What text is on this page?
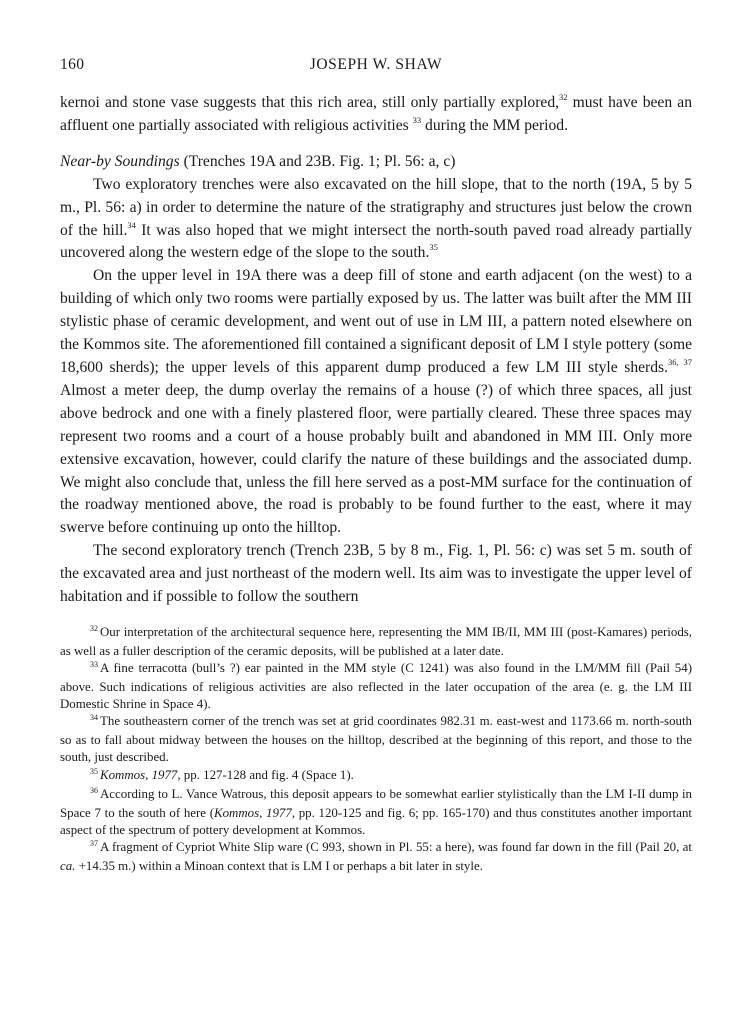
160	JOSEPH W. SHAW

kernoi and stone vase suggests that this rich area, still only partially explored,$^{32}$ must have been an affluent one partially associated with religious activities $^{33}$ during the MM period.

Near-by Soundings (Trenches 19A and 23B. Fig. 1; Pl. 56: a, c)

Two exploratory trenches were also excavated on the hill slope, that to the north (19A, 5 by 5 m., Pl. 56: a) in order to determine the nature of the stratigraphy and structures just below the crown of the hill.$^{34}$ It was also hoped that we might intersect the north-south paved road already partially uncovered along the western edge of the slope to the south.$^{35}$

On the upper level in 19A there was a deep fill of stone and earth adjacent (on the west) to a building of which only two rooms were partially exposed by us. The latter was built after the MM III stylistic phase of ceramic development, and went out of use in LM III, a pattern noted elsewhere on the Kommos site. The aforementioned fill contained a significant deposit of LM I style pottery (some 18,600 sherds); the upper levels of this apparent dump produced a few LM III style sherds.$^{36, 37}$ Almost a meter deep, the dump overlay the remains of a house (?) of which three spaces, all just above bedrock and one with a finely plastered floor, were partially cleared. These three spaces may represent two rooms and a court of a house probably built and abandoned in MM III. Only more extensive excavation, however, could clarify the nature of these buildings and the associated dump. We might also conclude that, unless the fill here served as a post-MM surface for the continuation of the roadway mentioned above, the road is probably to be found further to the east, where it may swerve before continuing up onto the hilltop.

The second exploratory trench (Trench 23B, 5 by 8 m., Fig. 1, Pl. 56: c) was set 5 m. south of the excavated area and just northeast of the modern well. Its aim was to investigate the upper level of habitation and if possible to follow the southern

$^{32}$ Our interpretation of the architectural sequence here, representing the MM IB/II, MM III (post-Kamares) periods, as well as a fuller description of the ceramic deposits, will be published at a later date.

$^{33}$ A fine terracotta (bull’s ?) ear painted in the MM style (C 1241) was also found in the LM/MM fill (Pail 54) above. Such indications of religious activities are also reflected in the later occupation of the area (e. g. the LM III Domestic Shrine in Space 4).

$^{34}$ The southeastern corner of the trench was set at grid coordinates 982.31 m. east-west and 1173.66 m. north-south so as to fall about midway between the houses on the hilltop, described at the beginning of this report, and those to the south, just described.

$^{35}$ Kommos, 1977, pp. 127-128 and fig. 4 (Space 1).

$^{36}$ According to L. Vance Watrous, this deposit appears to be somewhat earlier stylistically than the LM I-II dump in Space 7 to the south of here (Kommos, 1977, pp. 120-125 and fig. 6; pp. 165-170) and thus constitutes another important aspect of the spectrum of pottery development at Kommos.

$^{37}$ A fragment of Cypriot White Slip ware (C 993, shown in Pl. 55: a here), was found far down in the fill (Pail 20, at ca. +14.35 m.) within a Minoan context that is LM I or perhaps a bit later in style.
